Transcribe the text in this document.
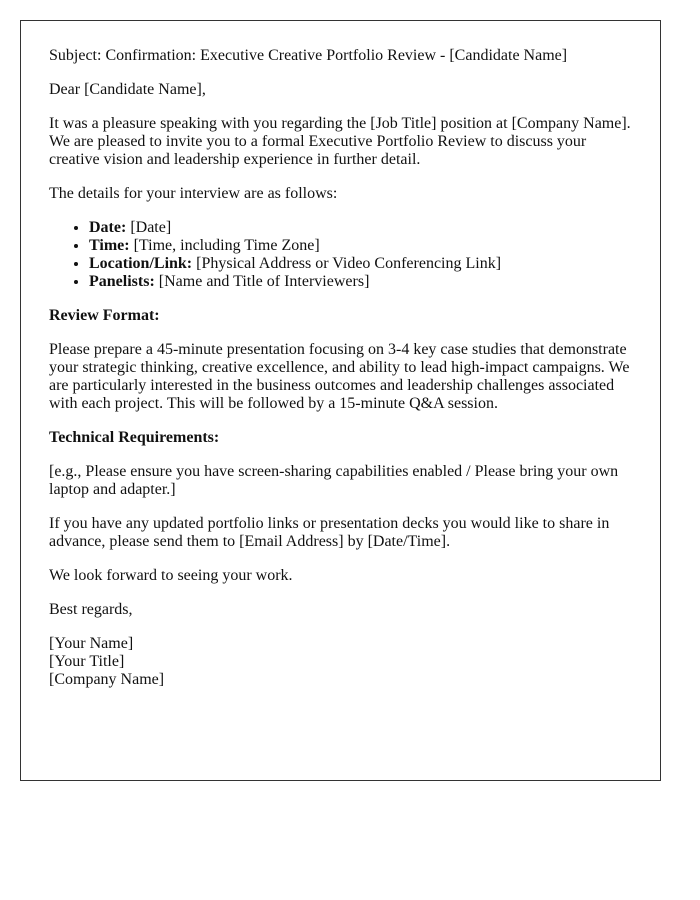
Subject: Confirmation: Executive Creative Portfolio Review - [Candidate Name]

Dear [Candidate Name],

It was a pleasure speaking with you regarding the [Job Title] position at [Company Name]. We are pleased to invite you to a formal Executive Portfolio Review to discuss your creative vision and leadership experience in further detail.

The details for your interview are as follows:

• Date: [Date]
• Time: [Time, including Time Zone]
• Location/Link: [Physical Address or Video Conferencing Link]
• Panelists: [Name and Title of Interviewers]

Review Format:

Please prepare a 45-minute presentation focusing on 3-4 key case studies that demonstrate your strategic thinking, creative excellence, and ability to lead high-impact campaigns. We are particularly interested in the business outcomes and leadership challenges associated with each project. This will be followed by a 15-minute Q&A session.

Technical Requirements:

[e.g., Please ensure you have screen-sharing capabilities enabled / Please bring your own laptop and adapter.]

If you have any updated portfolio links or presentation decks you would like to share in advance, please send them to [Email Address] by [Date/Time].

We look forward to seeing your work.

Best regards,

[Your Name]
[Your Title]
[Company Name]
